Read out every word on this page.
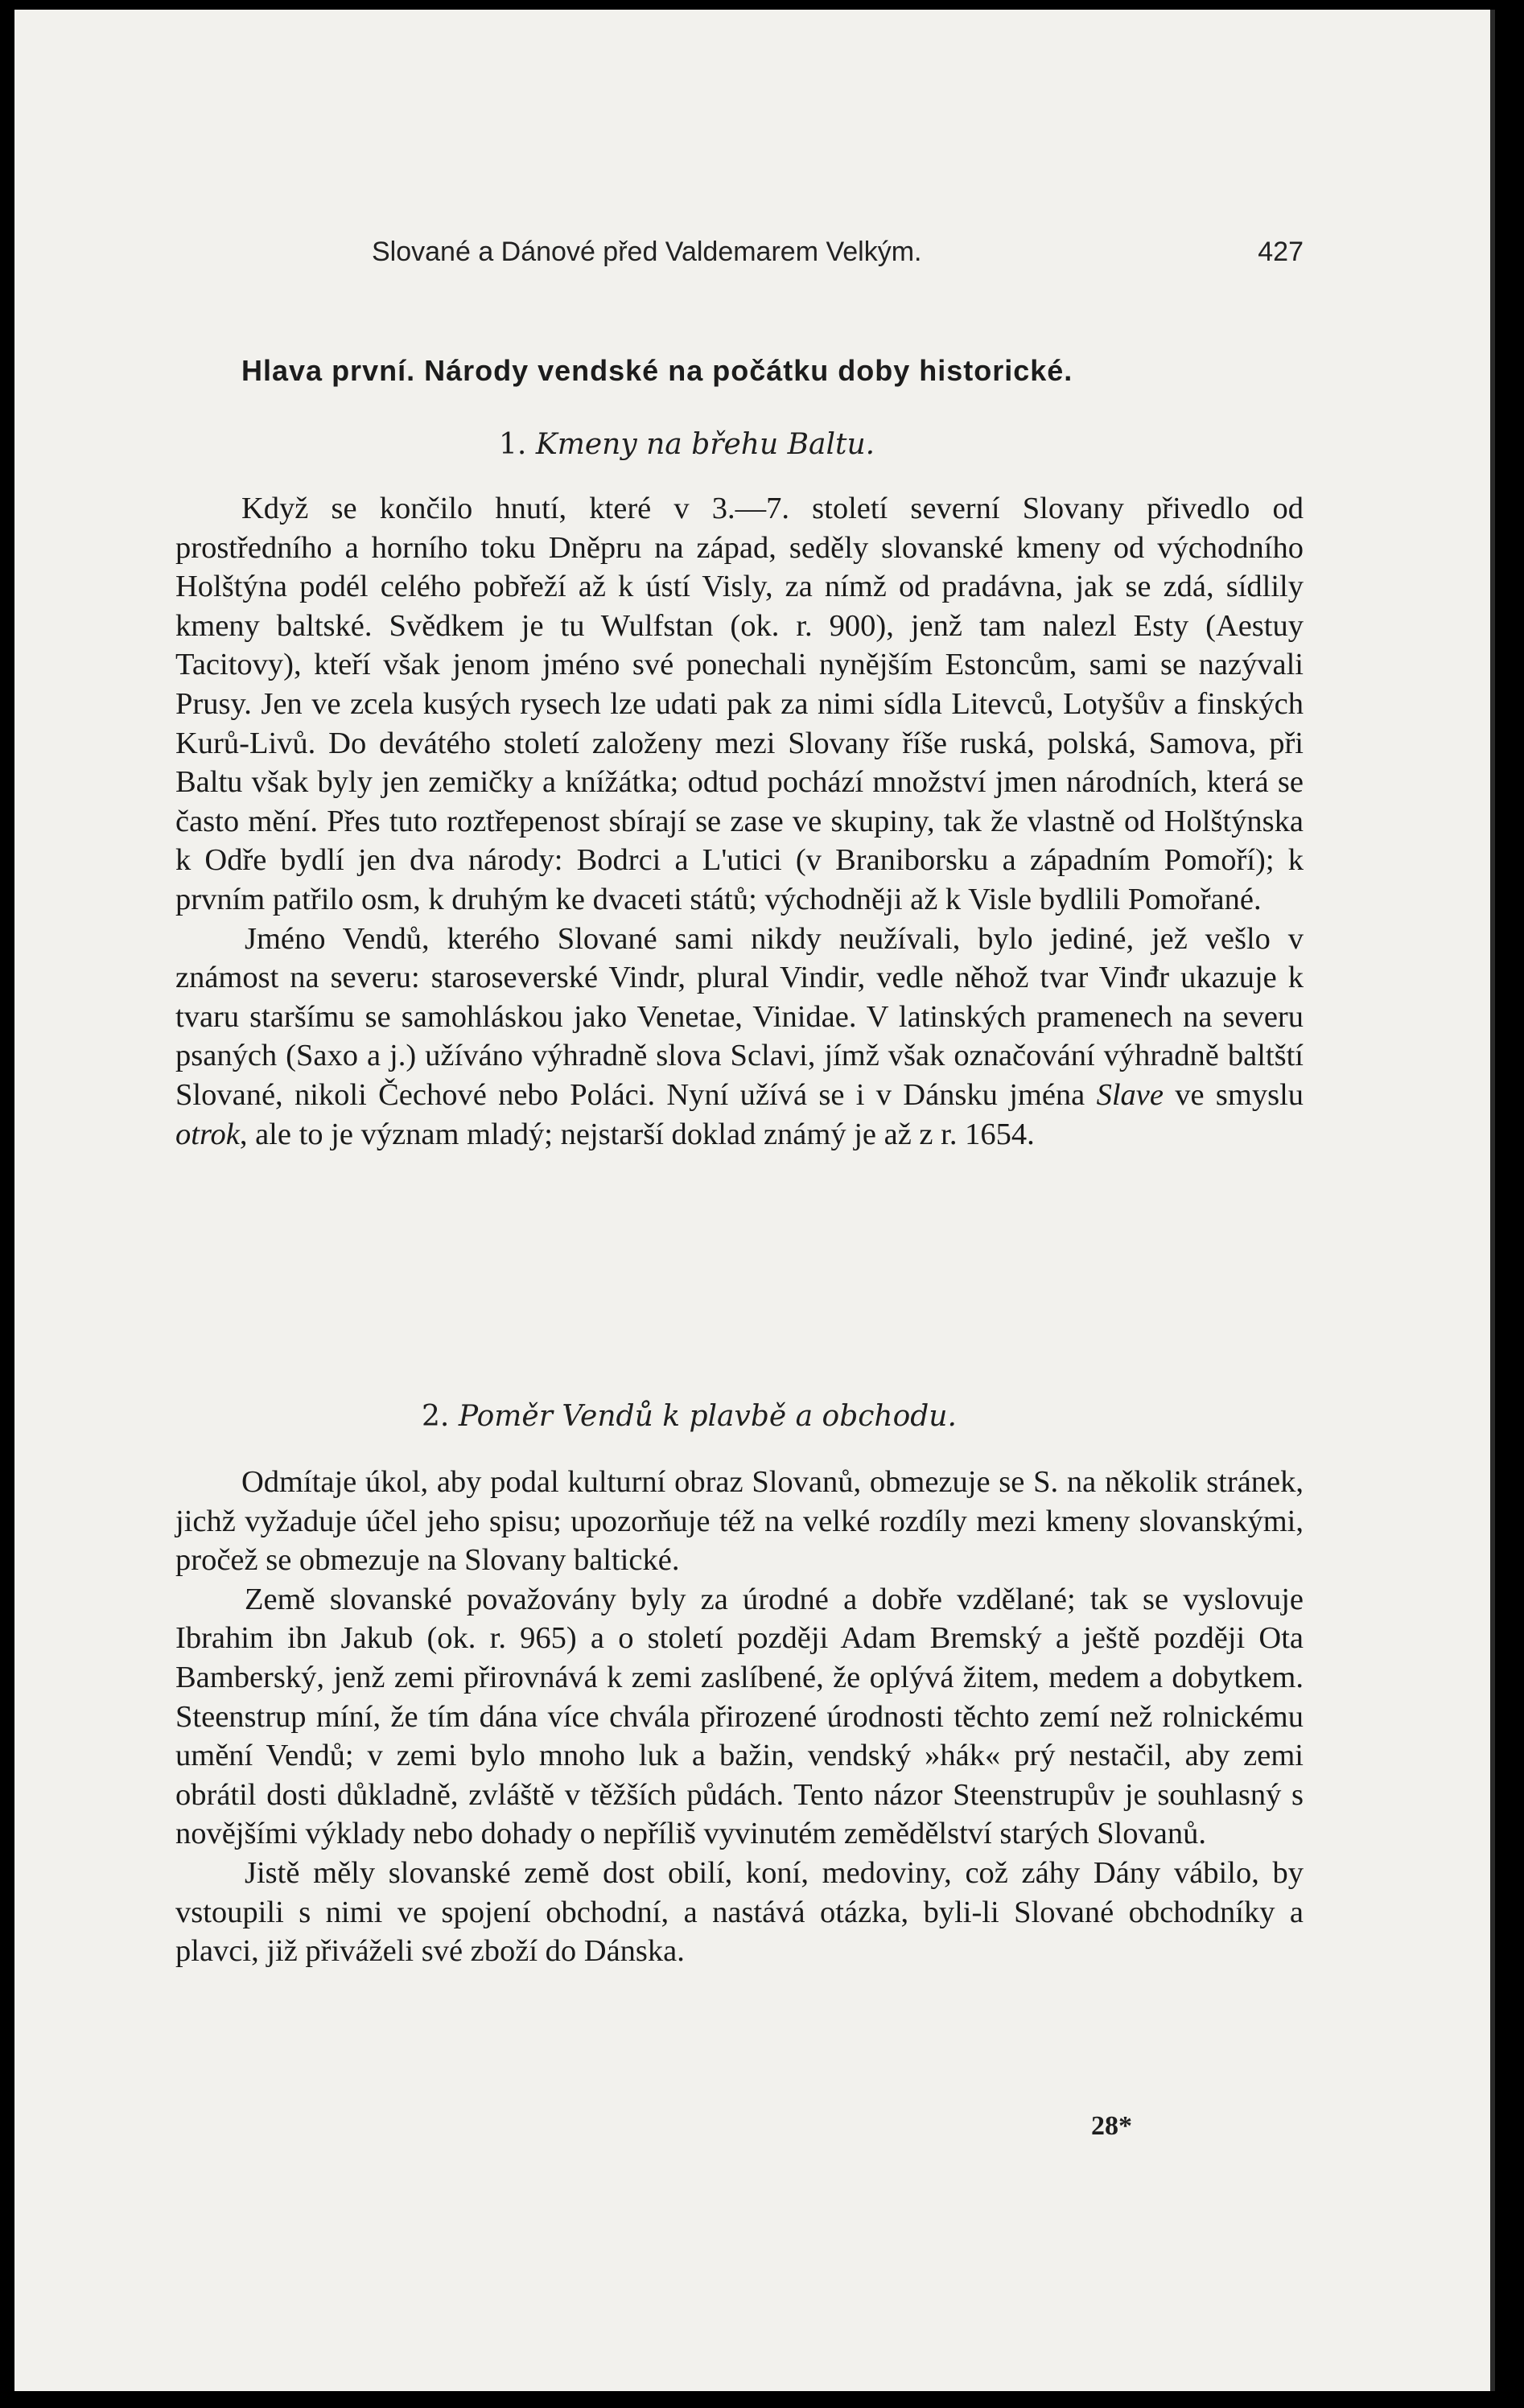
Slované a Dánové před Valdemarem Velkým.	427
Hlava první. Národy vendské na počátku doby historické.
1. Kmeny na břehu Baltu.

Když se končilo hnutí, které v 3.—7. století severní Slovany přivedlo od prostředního a horního toku Dněpru na západ, seděly slovanské kmeny od východního Holštýna podél celého pobřeží až k ústí Visly, za nímž od pradávna, jak se zdá, sídlily kmeny baltské. Svědkem je tu Wulfstan (ok. r. 900), jenž tam nalezl Esty (Aestuy Tacitovy), kteří však jenom jméno své ponechali nynějším Estoncům, sami se nazývali Prusy. Jen ve zcela kusých rysech lze udati pak za nimi sídla Litevců, Lotyšův a finských Kurů-Livů. Do devátého století založeny mezi Slovany říše ruská, polská, Samova, při Baltu však byly jen zemičky a knížátka; odtud pochází množství jmen národních, která se často mění. Přes tuto roztřepenost sbírají se zase ve skupiny, tak že vlastně od Holštýnska k Odře bydlí jen dva národy: Bodrci a L'utici (v Braniborsku a západním Pomoří); k prvním patřilo osm, k druhým ke dvaceti států; východněji až k Visle bydlili Pomořané.

Jméno Vendů, kterého Slované sami nikdy neužívali, bylo jediné, jež vešlo v známost na severu: staroseverské Vindr, plural Vindir, vedle něhož tvar Vinđr ukazuje k tvaru staršímu se samohláskou jako Venetae, Vinidae. V latinských pramenech na severu psaných (Saxo a j.) užíváno výhradně slova Sclavi, jímž však označování výhradně baltští Slované, nikoli Čechové nebo Poláci. Nyní užívá se i v Dánsku jména Slave ve smyslu otrok, ale to je význam mladý; nejstarší doklad známý je až z r. 1654.

2. Poměr Vendů k plavbě a obchodu.

Odmítaje úkol, aby podal kulturní obraz Slovanů, obmezuje se S. na několik stránek, jichž vyžaduje účel jeho spisu; upozorňuje též na velké rozdíly mezi kmeny slovanskými, pročež se obmezuje na Slovany baltické.

Země slovanské považovány byly za úrodné a dobře vzdělané; tak se vyslovuje Ibrahim ibn Jakub (ok. r. 965) a o století později Adam Bremský a ještě později Ota Bamberský, jenž zemi přirovnává k zemi zaslíbené, že oplývá žitem, medem a dobytkem. Steenstrup míní, že tím dána více chvála přirozené úrodnosti těchto zemí než rolnickému umění Vendů; v zemi bylo mnoho luk a bažin, vendský »hák« prý nestačil, aby zemi obrátil dosti důkladně, zvláště v těžších půdách. Tento názor Steenstrupův je souhlasný s novějšími výklady nebo dohady o nepříliš vyvinutém zemědělství starých Slovanů.

Jistě měly slovanské země dost obilí, koní, medoviny, což záhy Dány vábilo, by vstoupili s nimi ve spojení obchodní, a nastává otázka, byli-li Slované obchodníky a plavci, již přiváželi své zboží do Dánska.

28*
